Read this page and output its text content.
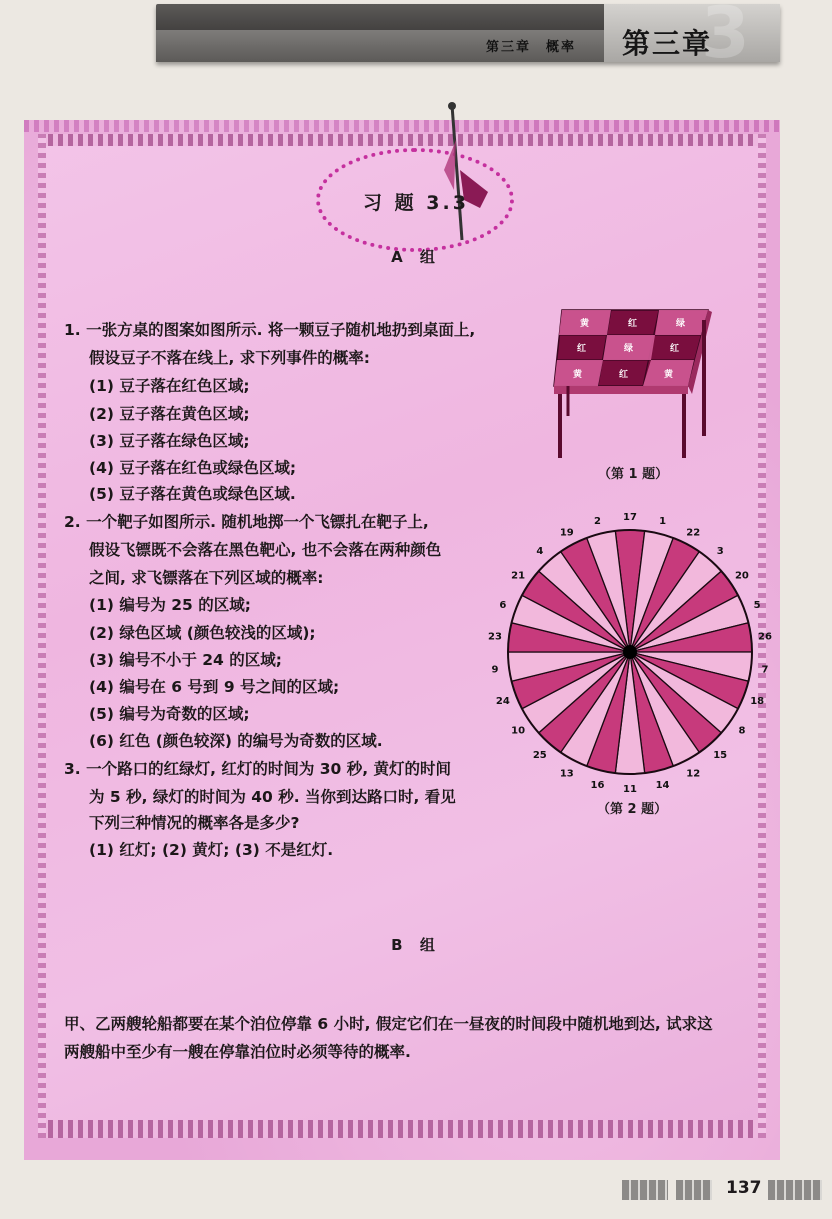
第三章　概率 3
第三章
习 题 3.3
A 组
1. 一张方桌的图案如图所示. 将一颗豆子随机地扔到桌面上,
假设豆子不落在线上, 求下列事件的概率:
(1) 豆子落在红色区域;
(2) 豆子落在黄色区域;
(3) 豆子落在绿色区域;
(4) 豆子落在红色或绿色区域;
(5) 豆子落在黄色或绿色区域.
黄	红	绿
红	绿	红
黄	红	黄
（第 1 题）
2. 一个靶子如图所示. 随机地掷一个飞镖扎在靶子上,
假设飞镖既不会落在黑色靶心, 也不会落在两种颜色
之间, 求飞镖落在下列区域的概率:
(1) 编号为 25 的区域;
(2) 绿色区域 (颜色较浅的区域);
(3) 编号不小于 24 的区域;
(4) 编号在 6 号到 9 号之间的区域;
(5) 编号为奇数的区域;
(6) 红色 (颜色较深) 的编号为奇数的区域.
17 1
22
3
20
5
26
7
18
8
15
12
14
11
16
13
25
10
24
9
23
6
21
4
19
2
（第 2 题）
3. 一个路口的红绿灯, 红灯的时间为 30 秒, 黄灯的时间
为 5 秒, 绿灯的时间为 40 秒. 当你到达路口时, 看见
下列三种情况的概率各是多少?
(1) 红灯; (2) 黄灯; (3) 不是红灯.
B 组
甲、乙两艘轮船都要在某个泊位停靠 6 小时, 假定它们在一昼夜的时间段中随机地到达, 试求这
两艘船中至少有一艘在停靠泊位时必须等待的概率.
137
